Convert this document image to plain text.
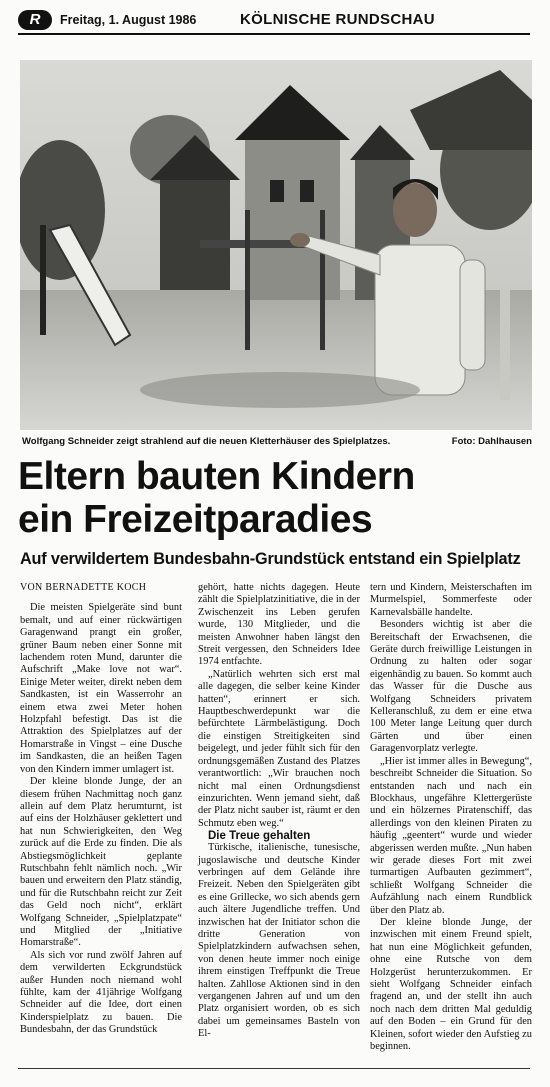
R	Freitag, 1. August 1986	KÖLNISCHE RUNDSCHAU
Wolfgang Schneider zeigt strahlend auf die neuen Kletterhäuser des Spielplatzes.	Foto: Dahlhausen
Eltern bauten Kindern
ein Freizeitparadies
Auf verwildertem Bundesbahn-Grundstück entstand ein Spielplatz

VON BERNADETTE KOCH

Die meisten Spielgeräte sind bunt bemalt, und auf einer rückwärtigen Garagenwand prangt ein großer, grüner Baum neben einer Sonne mit lachendem roten Mund, darunter die Aufschrift „Make love not war“. Einige Meter weiter, direkt neben dem Sandkasten, ist ein Wasserrohr an einem etwa zwei Meter hohen Holzpfahl befestigt. Das ist die Attraktion des Spielplatzes auf der Homarstraße in Vingst – eine Dusche im Sandkasten, die an heißen Tagen von den Kindern immer umlagert ist.

Der kleine blonde Junge, der an diesem frühen Nachmittag noch ganz allein auf dem Platz herumturnt, ist auf eins der Holzhäuser geklettert und hat nun Schwierigkeiten, den Weg zurück auf die Erde zu finden. Die als Abstiegsmöglichkeit geplante Rutschbahn fehlt nämlich noch. „Wir bauen und erweitern den Platz ständig, und für die Rutschbahn reicht zur Zeit das Geld noch nicht“, erklärt Wolfgang Schneider, „Spielplatzpate“ und Mitglied der „Initiative Homarstraße“.

Als sich vor rund zwölf Jahren auf dem verwilderten Eckgrundstück außer Hunden noch niemand wohl fühlte, kam der 41jährige Wolfgang Schneider auf die Idee, dort einen Kinderspielplatz zu bauen. Die Bundesbahn, der das Grundstück

gehört, hatte nichts dagegen. Heute zählt die Spielplatzinitiative, die in der Zwischenzeit ins Leben gerufen wurde, 130 Mitglieder, und die meisten Anwohner haben längst den Streit vergessen, den Schneiders Idee 1974 entfachte.

„Natürlich wehrten sich erst mal alle dagegen, die selber keine Kinder hatten“, erinnert er sich. Hauptbeschwerdepunkt war die befürchtete Lärmbelästigung. Doch die einstigen Streitigkeiten sind beigelegt, und jeder fühlt sich für den ordnungsgemäßen Zustand des Platzes verantwortlich: „Wir brauchen noch nicht mal einen Ordnungsdienst einzurichten. Wenn jemand sieht, daß der Platz nicht sauber ist, räumt er den Schmutz eben weg.“

Die Treue gehalten

Türkische, italienische, tunesische, jugoslawische und deutsche Kinder verbringen auf dem Gelände ihre Freizeit. Neben den Spielgeräten gibt es eine Grillecke, wo sich abends gern auch ältere Jugendliche treffen. Und inzwischen hat der Initiator schon die dritte Generation von Spielplatzkindern aufwachsen sehen, von denen heute immer noch einige ihrem einstigen Treffpunkt die Treue halten. Zahllose Aktionen sind in den vergangenen Jahren auf und um den Platz organisiert worden, ob es sich dabei um gemeinsames Basteln von El-

tern und Kindern, Meisterschaften im Murmelspiel, Sommerfeste oder Karnevalsbälle handelte.

Besonders wichtig ist aber die Bereitschaft der Erwachsenen, die Geräte durch freiwillige Leistungen in Ordnung zu halten oder sogar eigenhändig zu bauen. So kommt auch das Wasser für die Dusche aus Wolfgang Schneiders privatem Kelleranschluß, zu dem er eine etwa 100 Meter lange Leitung quer durch Gärten und über einen Garagenvorplatz verlegte.

„Hier ist immer alles in Bewegung“, beschreibt Schneider die Situation. So entstanden nach und nach ein Blockhaus, ungefähre Klettergerüste und ein hölzernes Piratenschiff, das allerdings von den kleinen Piraten zu häufig „geentert“ wurde und wieder abgerissen werden mußte. „Nun haben wir gerade dieses Fort mit zwei turmartigen Aufbauten gezimmert“, schließt Wolfgang Schneider die Aufzählung nach einem Rundblick über den Platz ab.

Der kleine blonde Junge, der inzwischen mit einem Freund spielt, hat nun eine Möglichkeit gefunden, ohne eine Rutsche von dem Holzgerüst herunterzukommen. Er sieht Wolfgang Schneider einfach fragend an, und der stellt ihn auch noch nach dem dritten Mal geduldig auf den Boden – ein Grund für den Kleinen, sofort wieder den Aufstieg zu beginnen.
